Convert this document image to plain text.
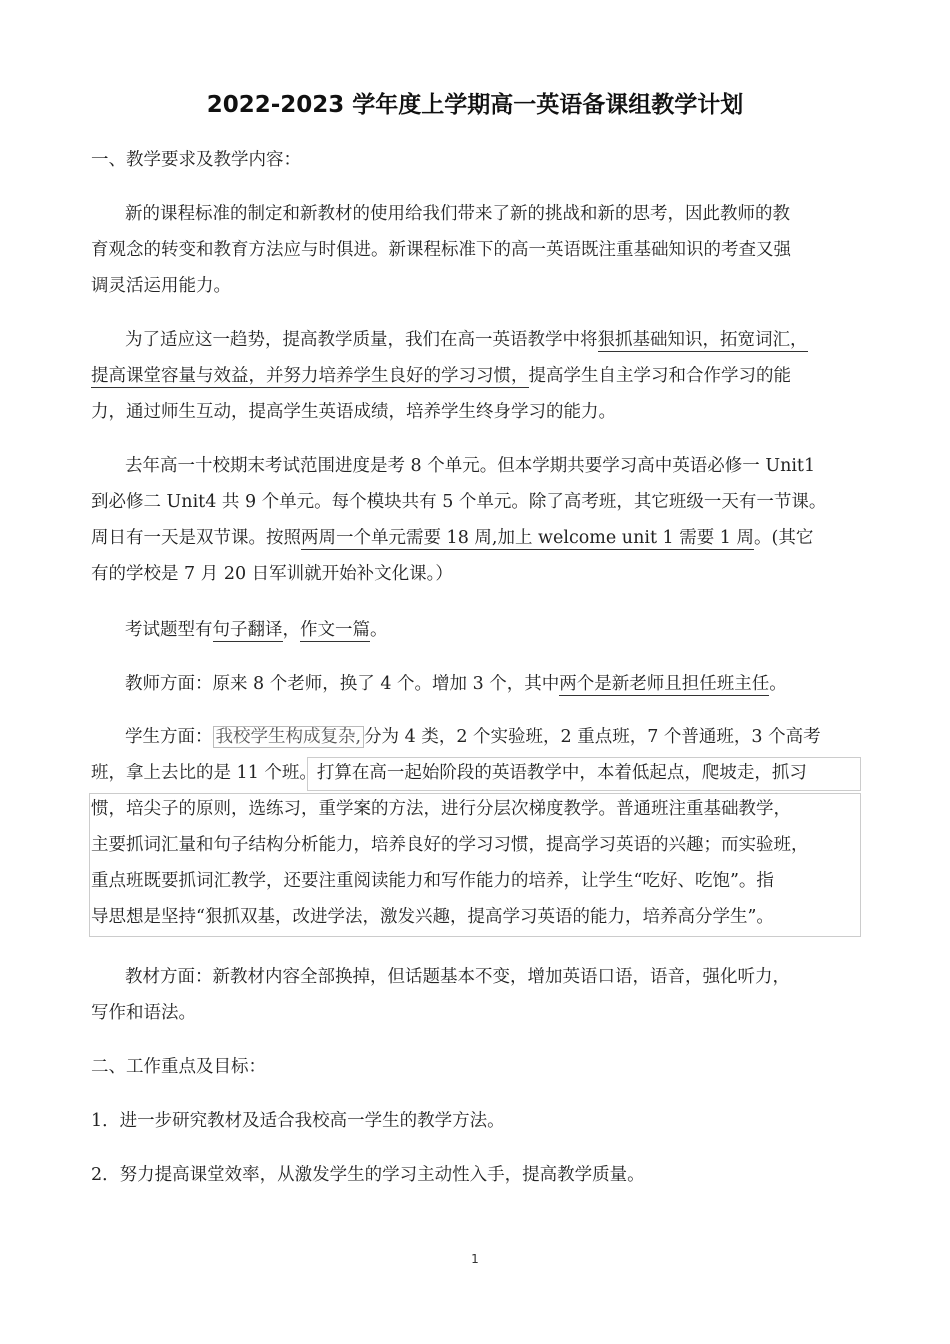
2022-2023 学年度上学期高一英语备课组教学计划
一、教学要求及教学内容：
新的课程标准的制定和新教材的使用给我们带来了新的挑战和新的思考，因此教师的教
育观念的转变和教育方法应与时俱进。新课程标准下的高一英语既注重基础知识的考查又强
调灵活运用能力。
为了适应这一趋势，提高教学质量，我们在高一英语教学中将狠抓基础知识，拓宽词汇，
提高课堂容量与效益，并努力培养学生良好的学习习惯，提高学生自主学习和合作学习的能
力，通过师生互动，提高学生英语成绩，培养学生终身学习的能力。
去年高一十校期末考试范围进度是考 8 个单元。但本学期共要学习高中英语必修一 Unit1
到必修二 Unit4 共 9 个单元。每个模块共有 5 个单元。除了高考班，其它班级一天有一节课。
周日有一天是双节课。按照两周一个单元需要 18 周,加上 welcome unit 1 需要 1 周。(其它
有的学校是 7 月 20 日军训就开始补文化课。）
考试题型有句子翻译，作文一篇。
教师方面：原来 8 个老师，换了 4 个。增加 3 个，其中两个是新老师且担任班主任。
学生方面： 我校学生构成复杂, 分为 4 类，2 个实验班，2 重点班，7 个普通班，3 个高考
班，拿上去比的是 11 个班。打算在高一起始阶段的英语教学中，本着低起点，爬坡走，抓习
惯，培尖子的原则，选练习，重学案的方法，进行分层次梯度教学。普通班注重基础教学，
主要抓词汇量和句子结构分析能力，培养良好的学习习惯，提高学习英语的兴趣；而实验班，
重点班既要抓词汇教学，还要注重阅读能力和写作能力的培养，让学生“吃好、吃饱”。指
导思想是坚持“狠抓双基，改进学法，激发兴趣，提高学习英语的能力，培养高分学生”。
教材方面：新教材内容全部换掉，但话题基本不变，增加英语口语，语音，强化听力，
写作和语法。
二、工作重点及目标：
1．进一步研究教材及适合我校高一学生的教学方法。
2．努力提高课堂效率，从激发学生的学习主动性入手，提高教学质量。
1
